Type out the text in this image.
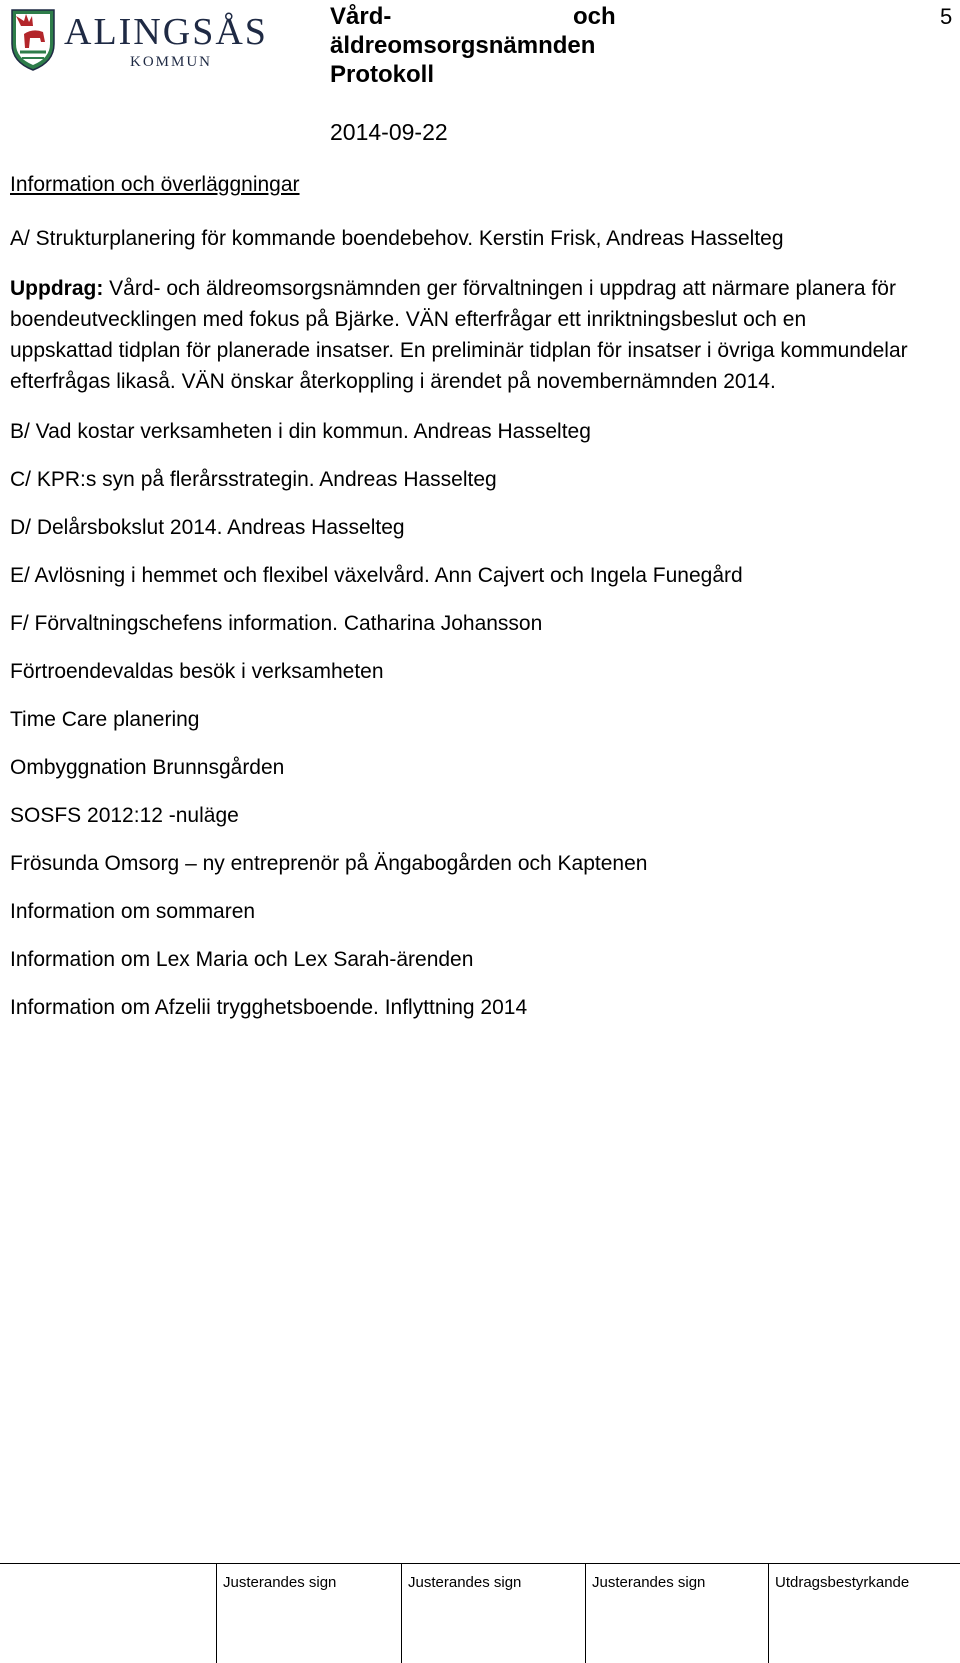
ALINGSÅS
KOMMUN

Vård-	och

äldreomsorgsnämnden

Protokoll

5
2014-09-22
Information och överläggningar

A/ Strukturplanering för kommande boendebehov. Kerstin Frisk, Andreas Hasselteg

Uppdrag: Vård- och äldreomsorgsnämnden ger förvaltningen i uppdrag att närmare planera för boendeutvecklingen med fokus på Bjärke. VÄN efterfrågar ett inriktningsbeslut och en uppskattad tidplan för planerade insatser. En preliminär tidplan för insatser i övriga kommundelar efterfrågas likaså. VÄN önskar återkoppling i ärendet på novembernämnden 2014.

B/ Vad kostar verksamheten i din kommun. Andreas Hasselteg

C/ KPR:s syn på flerårsstrategin. Andreas Hasselteg

D/ Delårsbokslut 2014. Andreas Hasselteg

E/ Avlösning i hemmet och flexibel växelvård. Ann Cajvert och Ingela Funegård

F/ Förvaltningschefens information. Catharina Johansson

Förtroendevaldas besök i verksamheten

Time Care planering

Ombyggnation Brunnsgården

SOSFS 2012:12 -nuläge

Frösunda Omsorg – ny entreprenör på Ängabogården och Kaptenen

Information om sommaren

Information om Lex Maria och Lex Sarah-ärenden

Information om Afzelii trygghetsboende. Inflyttning 2014

Justerandes sign	Justerandes sign	Justerandes sign	Utdragsbestyrkande
